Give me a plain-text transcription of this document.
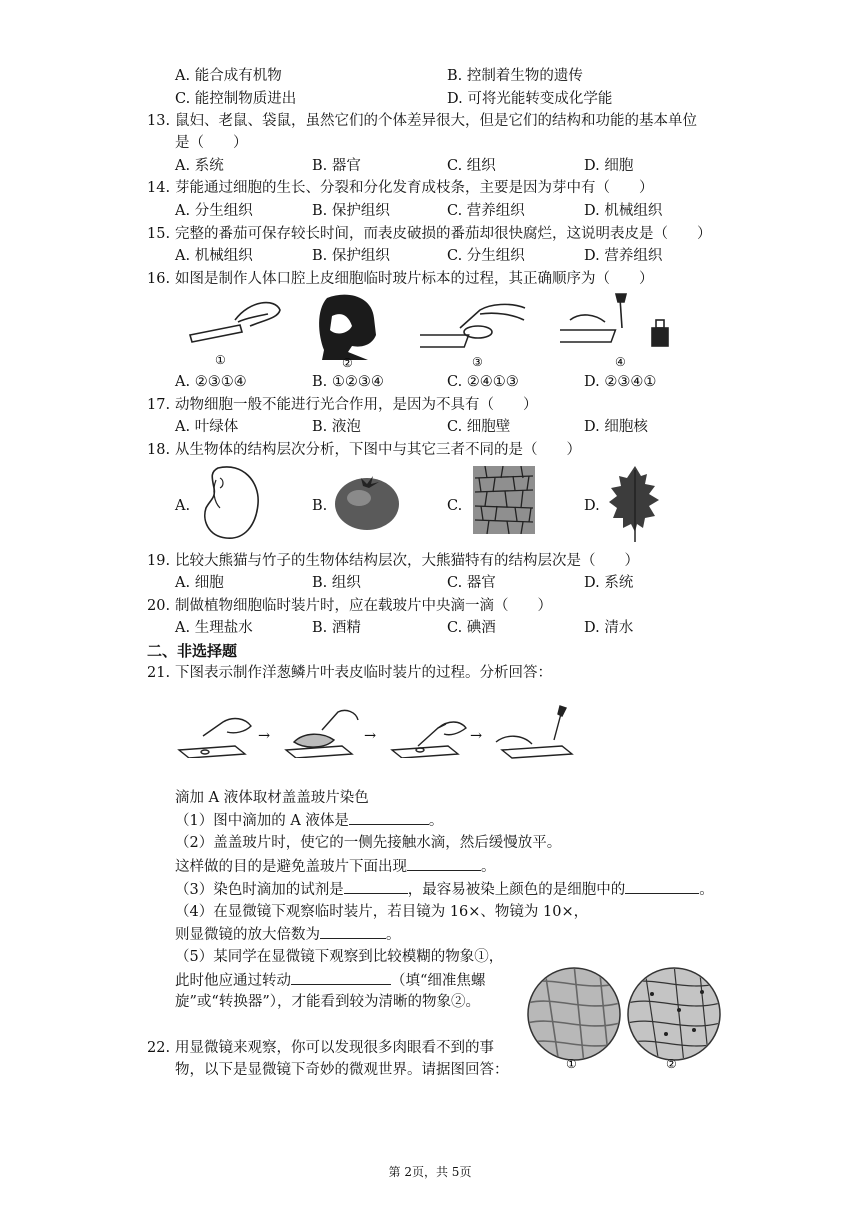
A. 能合成有机物	B. 控制着生物的遗传
C. 能控制物质进出	D. 可将光能转变成化学能
13. 鼠妇、老鼠、袋鼠，虽然它们的个体差异很大，但是它们的结构和功能的基本单位
是（　　）
A. 系统	B. 器官	C. 组织	D. 细胞
14. 芽能通过细胞的生长、分裂和分化发育成枝条，主要是因为芽中有（　　）
A. 分生组织	B. 保护组织	C. 营养组织	D. 机械组织
15. 完整的番茄可保存较长时间，而表皮破损的番茄却很快腐烂，这说明表皮是（　　）
A. 机械组织	B. 保护组织	C. 分生组织	D. 营养组织
16. 如图是制作人体口腔上皮细胞临时玻片标本的过程，其正确顺序为（　　）
①	②	③	④
A. ②③①④	B. ①②③④	C. ②④①③	D. ②③④①
17. 动物细胞一般不能进行光合作用，是因为不具有（　　）
A. 叶绿体	B. 液泡	C. 细胞壁	D. 细胞核
18. 从生物体的结构层次分析，下图中与其它三者不同的是（　　）
A.	B.	C.	D.
19. 比较大熊猫与竹子的生物体结构层次，大熊猫特有的结构层次是（　　）
A. 细胞	B. 组织	C. 器官	D. 系统
20. 制做植物细胞临时装片时，应在载玻片中央滴一滴（　　）
A. 生理盐水	B. 酒精	C. 碘酒	D. 清水
二、非选择题
21. 下图表示制作洋葱鳞片叶表皮临时装片的过程。分析回答：
→	→	→
滴加 A 液体取材盖盖玻片染色
（1）图中滴加的 A 液体是	。
（2）盖盖玻片时，使它的一侧先接触水滴，然后缓慢放平。
这样做的目的是避免盖玻片下面出现	。
（3）染色时滴加的试剂是	，最容易被染上颜色的是细胞中的	。
（4）在显微镜下观察临时装片，若目镜为 16×、物镜为 10×，
则显微镜的放大倍数为	。
（5）某同学在显微镜下观察到比较模糊的物象①，
此时他应通过转动	（填“细准焦螺
旋”或“转换器”），才能看到较为清晰的物象②。
①	②
22. 用显微镜来观察，你可以发现很多肉眼看不到的事
物，以下是显微镜下奇妙的微观世界。请据图回答：
第 2页，共 5页
